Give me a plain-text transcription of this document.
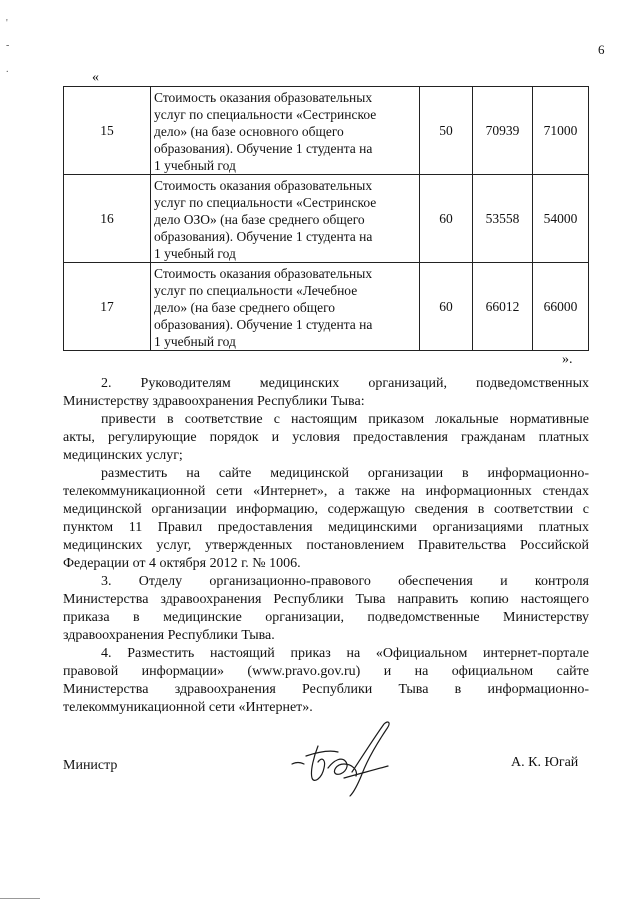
'
-
.
6
«
15	Стоимость оказания образовательных
услуг по специальности «Сестринское
дело» (на базе основного общего
образования). Обучение 1 студента на
1 учебный год	50	70939	71000
16	Стоимость оказания образовательных
услуг по специальности «Сестринское
дело ОЗО» (на базе среднего общего
образования). Обучение 1 студента на
1 учебный год	60	53558	54000
17	Стоимость оказания образовательных
услуг по специальности «Лечебное
дело» (на базе среднего общего
образования). Обучение 1 студента на
1 учебный год	60	66012	66000
».
2. Руководителям медицинских организаций, подведомственных
Министерству здравоохранения Республики Тыва:
привести в соответствие с настоящим приказом локальные нормативные
акты, регулирующие порядок и условия предоставления гражданам платных
медицинских услуг;
разместить на сайте медицинской организации в информационно-
телекоммуникационной сети «Интернет», а также на информационных стендах
медицинской организации информацию, содержащую сведения в соответствии с
пунктом 11 Правил предоставления медицинскими организациями платных
медицинских услуг, утвержденных постановлением Правительства Российской
Федерации от 4 октября 2012 г. № 1006.
3. Отделу организационно-правового обеспечения и контроля
Министерства здравоохранения Республики Тыва направить копию настоящего
приказа в медицинские организации, подведомственные Министерству
здравоохранения Республики Тыва.
4. Разместить настоящий приказ на «Официальном интернет-портале
правовой информации» (www.pravo.gov.ru) и на официальном сайте
Министерства здравоохранения Республики Тыва в информационно-
телекоммуникационной сети «Интернет».
Министр	А. К. Югай
